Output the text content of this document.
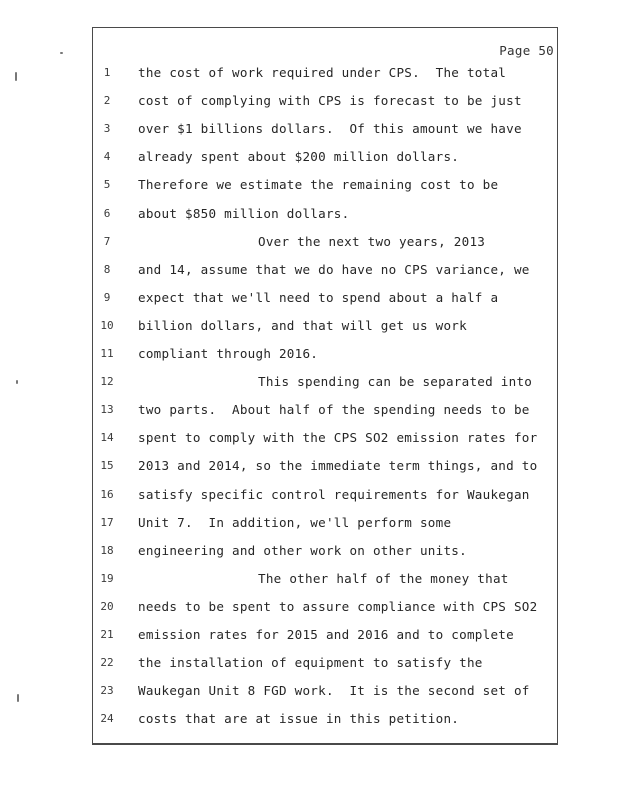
Page 50
1	the cost of work required under CPS.  The total
2	cost of complying with CPS is forecast to be just
3	over $1 billions dollars.  Of this amount we have
4	already spent about $200 million dollars.
5	Therefore we estimate the remaining cost to be
6	about $850 million dollars.
7	Over the next two years, 2013
8	and 14, assume that we do have no CPS variance, we
9	expect that we'll need to spend about a half a
10	billion dollars, and that will get us work
11	compliant through 2016.
12	This spending can be separated into
13	two parts.  About half of the spending needs to be
14	spent to comply with the CPS SO2 emission rates for
15	2013 and 2014, so the immediate term things, and to
16	satisfy specific control requirements for Waukegan
17	Unit 7.  In addition, we'll perform some
18	engineering and other work on other units.
19	The other half of the money that
20	needs to be spent to assure compliance with CPS SO2
21	emission rates for 2015 and 2016 and to complete
22	the installation of equipment to satisfy the
23	Waukegan Unit 8 FGD work.  It is the second set of
24	costs that are at issue in this petition.
